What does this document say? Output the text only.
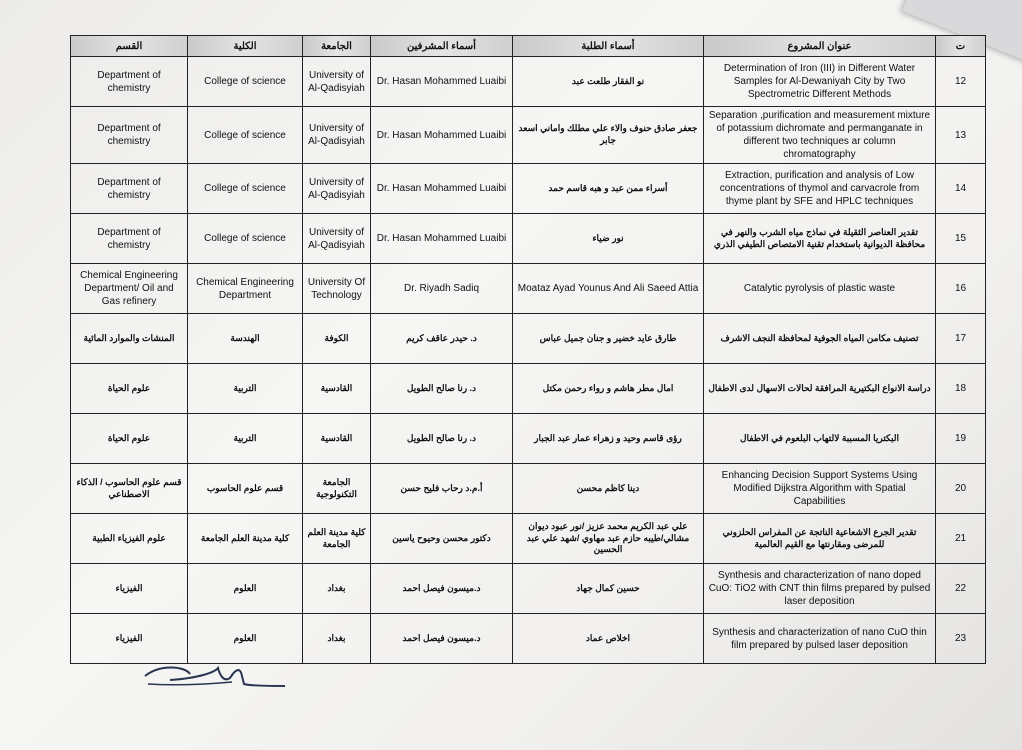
ت	عنوان المشروع	أسماء الطلبة	أسماء المشرفين	الجامعة	الكلية	القسم
12	Determination of Iron (III) in Different Water Samples for Al-Dewaniyah City by Two Spectrometric Different Methods	نو الفقار طلعت عبد	Dr. Hasan Mohammed Luaibi	University of Al-Qadisyiah	College of science	Department of chemistry
13	Separation ,purification and measurement mixture of potassium dichromate and permanganate in different two techniques ar column chromatography	جعفر صادق حنوف والاء علي مطلك واماني اسعد جابر	Dr. Hasan Mohammed Luaibi	University of Al-Qadisyiah	College of science	Department of chemistry
14	Extraction, purification and analysis of Low concentrations of thymol and carvacrole from thyme plant by SFE and HPLC techniques	أسراء ممن عبد و هبه قاسم حمد	Dr. Hasan Mohammed Luaibi	University of Al-Qadisyiah	College of science	Department of chemistry
15	تقدير العناصر الثقيلة في نماذج مياه الشرب والنهر في محافظة الديوانية باستخدام تقنية الامتصاص الطيفي الذري	نور ضياء	Dr. Hasan Mohammed Luaibi	University of Al-Qadisyiah	College of science	Department of chemistry
16	Catalytic pyrolysis of plastic waste	Moataz Ayad Younus And Ali Saeed Attia	Dr. Riyadh Sadiq	University Of Technology	Chemical Engineering Department	Chemical Engineering Department/ Oil and Gas refinery
17	تصنيف مكامن المياه الجوفية لمحافظة النجف الاشرف	طارق عايد خضير و جنان جميل عباس	د. حيدر عاقف كريم	الكوفة	الهندسة	المنشات والموارد المائية
18	دراسة الانواع البكتيرية المرافقة لحالات الاسهال لدى الاطفال	امال مطر هاشم و رواء رحمن مكتل	د. رنا صالح الطويل	القادسية	التربية	علوم الحياة
19	البكتريا المسببة لالتهاب البلعوم في الاطفال	رؤى قاسم وحيد و زهراء عمار عبد الجبار	د. رنا صالح الطويل	القادسية	التربية	علوم الحياة
20	Enhancing Decision Support Systems Using Modified Dijkstra Algorithm with Spatial Capabilities	دينا كاظم محسن	أ.م.د رحاب فليح حسن	الجامعة التكنولوجية	قسم علوم الحاسوب	قسم علوم الحاسوب / الذكاء الاصطناعي
21	تقدير الجرع الاشعاعية الناتجة عن المفراس الحلزوني للمرضى ومقارنتها مع القيم العالمية	علي عبد الكريم محمد عزيز /نور عبود ديوان مشالي/طيبه حازم عبد مهاوي /شهد علي عبد الحسين	دكتور محسن وحيوح ياسين	كلية مدينة العلم الجامعة	كلية مدينة العلم الجامعة	علوم الفيزياء الطبية
22	Synthesis and characterization of nano doped CuO: TiO2 with CNT thin films prepared by pulsed laser deposition	حسين كمال جهاد	د.ميسون فيصل احمد	بغداد	العلوم	الفيزياء
23	Synthesis and characterization of nano CuO thin film prepared by pulsed laser deposition	اخلاص عماد	د.ميسون فيصل احمد	بغداد	العلوم	الفيزياء
